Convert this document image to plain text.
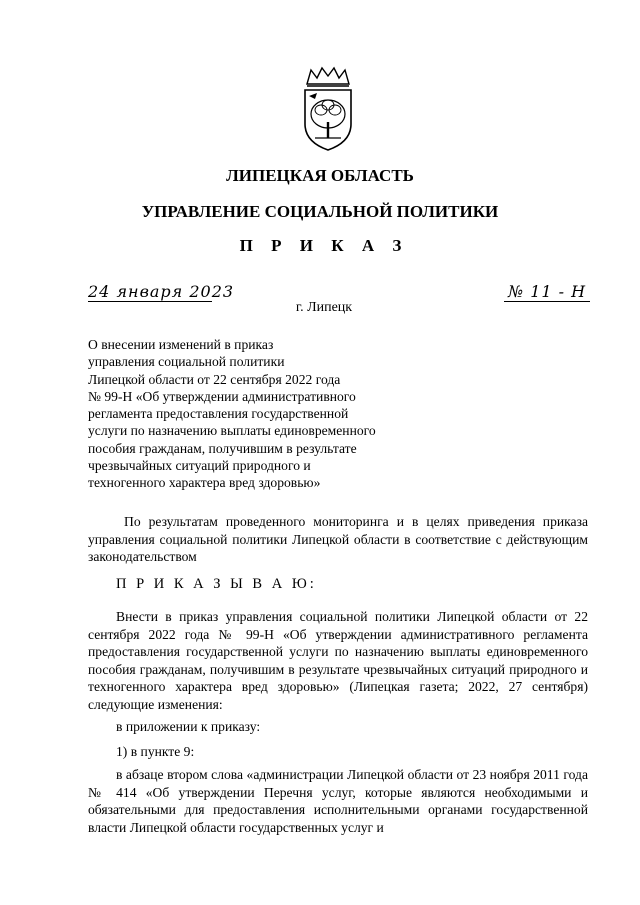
ЛИПЕЦКАЯ ОБЛАСТЬ
УПРАВЛЕНИЕ СОЦИАЛЬНОЙ ПОЛИТИКИ
П Р И К А З
24 января 2023	№ 11 - Н
г. Липецк
О внесении изменений в приказ
управления социальной политики
Липецкой области от 22 сентября 2022 года
№ 99-Н «Об утверждении административного
регламента предоставления государственной
услуги по назначению выплаты единовременного
пособия гражданам, получившим в результате
чрезвычайных ситуаций природного и
техногенного характера вред здоровью»
По результатам проведенного мониторинга и в целях приведения приказа управления социальной политики Липецкой области в соответствие с действующим законодательством
П Р И К А З Ы В А Ю:
Внести в приказ управления социальной политики Липецкой области от 22 сентября 2022 года № 99-Н «Об утверждении административного регламента предоставления государственной услуги по назначению выплаты единовременного пособия гражданам, получившим в результате чрезвычайных ситуаций природного и техногенного характера вред здоровью» (Липецкая газета; 2022, 27 сентября) следующие изменения:
в приложении к приказу:
1) в пункте 9:
в абзаце втором слова «администрации Липецкой области от 23 ноября 2011 года № 414 «Об утверждении Перечня услуг, которые являются необходимыми и обязательными для предоставления исполнительными органами государственной власти Липецкой области государственных услуг и
